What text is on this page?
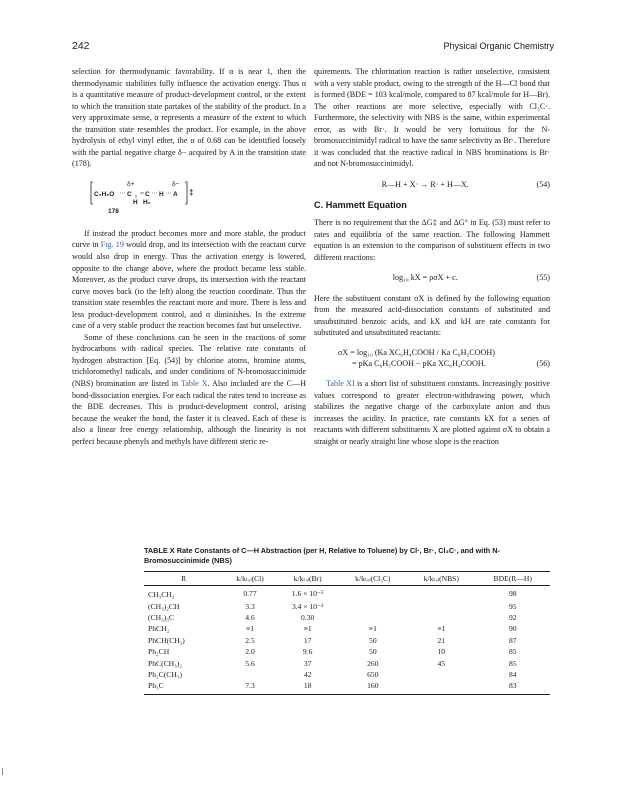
242	Physical Organic Chemistry

selection for thermodynamic favorability. If α is near 1, then the thermodynamic stabilities fully influence the activation energy. Thus α is a quantitative measure of product-development control, or the extent to which the transition state partakes of the stability of the product. In a very approximate sense, α represents a measure of the extent to which the transition state resembles the product. For example, in the above hydrolysis of ethyl vinyl ether, the α of 0.68 can be identified loosely with the partial negative charge δ− acquired by A in the transition state (178).

C₂H₅O C C
H H₂
H A ‡
δ+	δ−
178

If instead the product becomes more and more stable, the product curve in Fig. 19 would drop, and its intersection with the reactant curve would also drop in energy. Thus the activation energy is lowered, opposite to the change above, where the product became less stable. Moreover, as the product curve drops, its intersection with the reactant curve moves back (to the left) along the reaction coordinate. Thus the transition state resembles the reactant more and more. There is less and less product-development control, and α diminishes. In the extreme case of a very stable product the reaction becomes fast but unselective.

Some of these conclusions can be seen in the reactions of some hydrocarbons with radical species. The relative rate constants of hydrogen abstraction [Eq. (54)] by chlorine atoms, bromine atoms, trichloromethyl radicals, and under conditions of N-bromosuccinimide (NBS) bromination are listed in Table X. Also included are the C—H bond-dissociation energies. For each radical the rates tend to increase as the BDE decreases. This is product-development control, arising because the weaker the bond, the faster it is cleaved. Each of these is also a linear free energy relationship, although the linearity is not perfect because phenyls and methyls have different steric re-

quirements. The chlorination reaction is rather unselective, consistent with a very stable product, owing to the strength of the H—Cl bond that is formed (BDE = 103 kcal/mole, compared to 87 kcal/mole for H—Br). The other reactions are more selective, especially with Cl₃C·. Furthermore, the selectivity with NBS is the same, within experimental error, as with Br·. It would be very fortuitous for the N-bromosuccinimidyl radical to have the same selectivity as Br·. Therefore it was concluded that the reactive radical in NBS brominations is Br· and not N-bromosuccinimidyl.

R—H + X· → R· + H—X.	(54)
C. Hammett Equation

There is no requirement that the ΔG‡ and ΔG° in Eq. (53) must refer to rates and equilibria of the same reaction. The following Hammett equation is an extension to the comparison of substituent effects in two different reactions:

log₁₀ kX = ρσX + c.	(55)

Here the substituent constant σX is defined by the following equation from the measured acid-dissociation constants of substituted and unsubstituted benzoic acids, and kX and kH are rate constants for substituted and unsubstituted reactants:

σX = log₁₀ (Ka XC₆H₄COOH / Ka C₆H₅COOH)
= pKa C₆H₅COOH − pKa XC₆H₄COOH.	(56)

Table XI is a short list of substituent constants. Increasingly positive values correspond to greater electron-withdrawing power, which stabilizes the negative charge of the carboxylate anion and thus increases the acidity. In practice, rate constants kX for a series of reactants with different substituents X are plotted against σX to obtain a straight or nearly straight line whose slope is the reaction

TABLE X Rate Constants of C—H Abstraction (per H, Relative to Toluene) by Cl·, Br·, Cl₃C·, and with N-Bromosuccinimide (NBS)
R	k/kₜₒₗ(Cl)	k/kₜₒₗ(Br)	k/kₜₒₗ(Cl₃C)	k/kₜₒₗ(NBS)	BDE(R—H)
CH₃CH₂	0.77	1.6 × 10⁻⁵			98
(CH₃)₂CH	3.3	3.4 × 10⁻³			95
(CH₃)₃C	4.6	0.30			92
PhCH₂	≡1	≡1	≡1	≡1	90
PhCH(CH₃)	2.5	17	50	21	87
Ph₂CH	2.0	9.6	50	10	85
PhC(CH₃)₂	5.6	37	260	45	85
Ph₂C(CH₃)		42	650		84
Ph₃C	7.3	18	160		83
